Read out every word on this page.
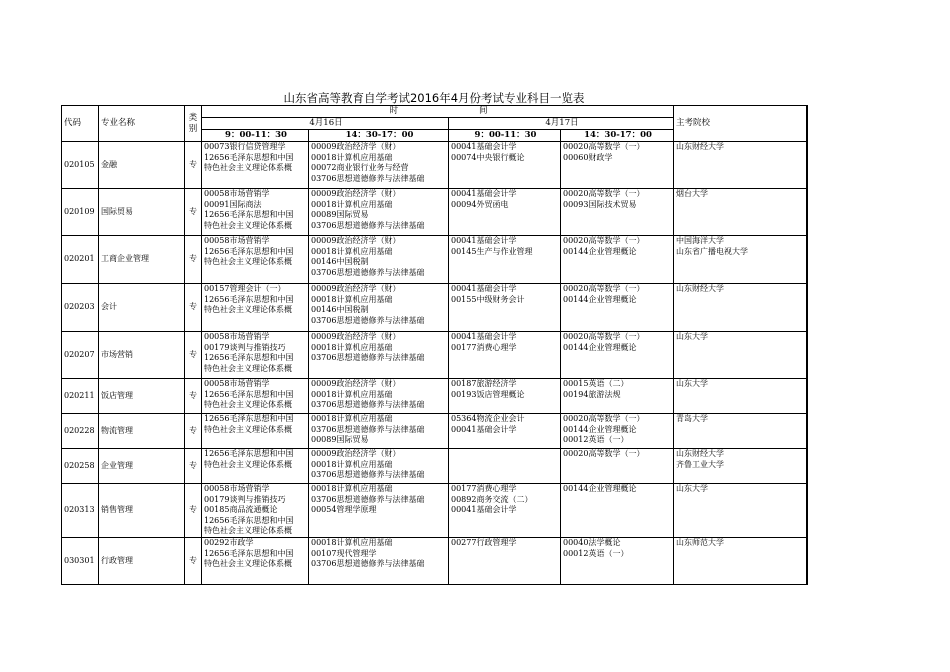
山东省高等教育自学考试2016年4月份考试专业科目一览表
代码	专业名称	类别	时                              间				主考院校
			4月16日		4月17日		
			9：00-11：30	14：30-17：00	9：00-11：30	14：30-17：00	
020105	金融	专	00073银行信贷管理学
12656毛泽东思想和中国
特色社会主义理论体系概	00009政治经济学（财）
00018计算机应用基础
00072商业银行业务与经营
03706思想道德修养与法律基础	00041基础会计学
00074中央银行概论	00020高等数学（一）
00060财政学	山东财经大学

020109	国际贸易	专	00058市场营销学
00091国际商法
12656毛泽东思想和中国
特色社会主义理论体系概	00009政治经济学（财）
00018计算机应用基础
00089国际贸易
03706思想道德修养与法律基础	00041基础会计学
00094外贸函电	00020高等数学（一）
00093国际技术贸易	烟台大学

020201	工商企业管理	专	00058市场营销学
12656毛泽东思想和中国
特色社会主义理论体系概	00009政治经济学（财）
00018计算机应用基础
00146中国税制
03706思想道德修养与法律基础	00041基础会计学
00145生产与作业管理	00020高等数学（一）
00144企业管理概论	中国海洋大学
山东省广播电视大学

020203	会计	专	00157管理会计（一）
12656毛泽东思想和中国
特色社会主义理论体系概	00009政治经济学（财）
00018计算机应用基础
00146中国税制
03706思想道德修养与法律基础	00041基础会计学
00155中级财务会计	00020高等数学（一）
00144企业管理概论	山东财经大学

020207	市场营销	专	00058市场营销学
00179谈判与推销技巧
12656毛泽东思想和中国
特色社会主义理论体系概	00009政治经济学（财）
00018计算机应用基础
03706思想道德修养与法律基础	00041基础会计学
00177消费心理学	00020高等数学（一）
00144企业管理概论	山东大学

020211	饭店管理	专	00058市场营销学
12656毛泽东思想和中国
特色社会主义理论体系概	00009政治经济学（财）
00018计算机应用基础
03706思想道德修养与法律基础	00187旅游经济学
00193饭店管理概论	00015英语（二）
00194旅游法规	山东大学

020228	物流管理	专	12656毛泽东思想和中国
特色社会主义理论体系概	00018计算机应用基础
03706思想道德修养与法律基础
00089国际贸易	05364物流企业会计
00041基础会计学	00020高等数学（一）
00144企业管理概论
00012英语（一）	青岛大学

020258	企业管理	专	12656毛泽东思想和中国
特色社会主义理论体系概	00009政治经济学（财）
00018计算机应用基础
03706思想道德修养与法律基础		00020高等数学（一）	山东财经大学
齐鲁工业大学

020313	销售管理	专	00058市场营销学
00179谈判与推销技巧
00185商品流通概论
12656毛泽东思想和中国
特色社会主义理论体系概	00018计算机应用基础
03706思想道德修养与法律基础
00054管理学原理	00177消费心理学
00892商务交流（二）
00041基础会计学	00144企业管理概论	山东大学

030301	行政管理	专	00292市政学
12656毛泽东思想和中国
特色社会主义理论体系概	00018计算机应用基础
00107现代管理学
03706思想道德修养与法律基础	00277行政管理学	00040法学概论
00012英语（一）	山东师范大学
